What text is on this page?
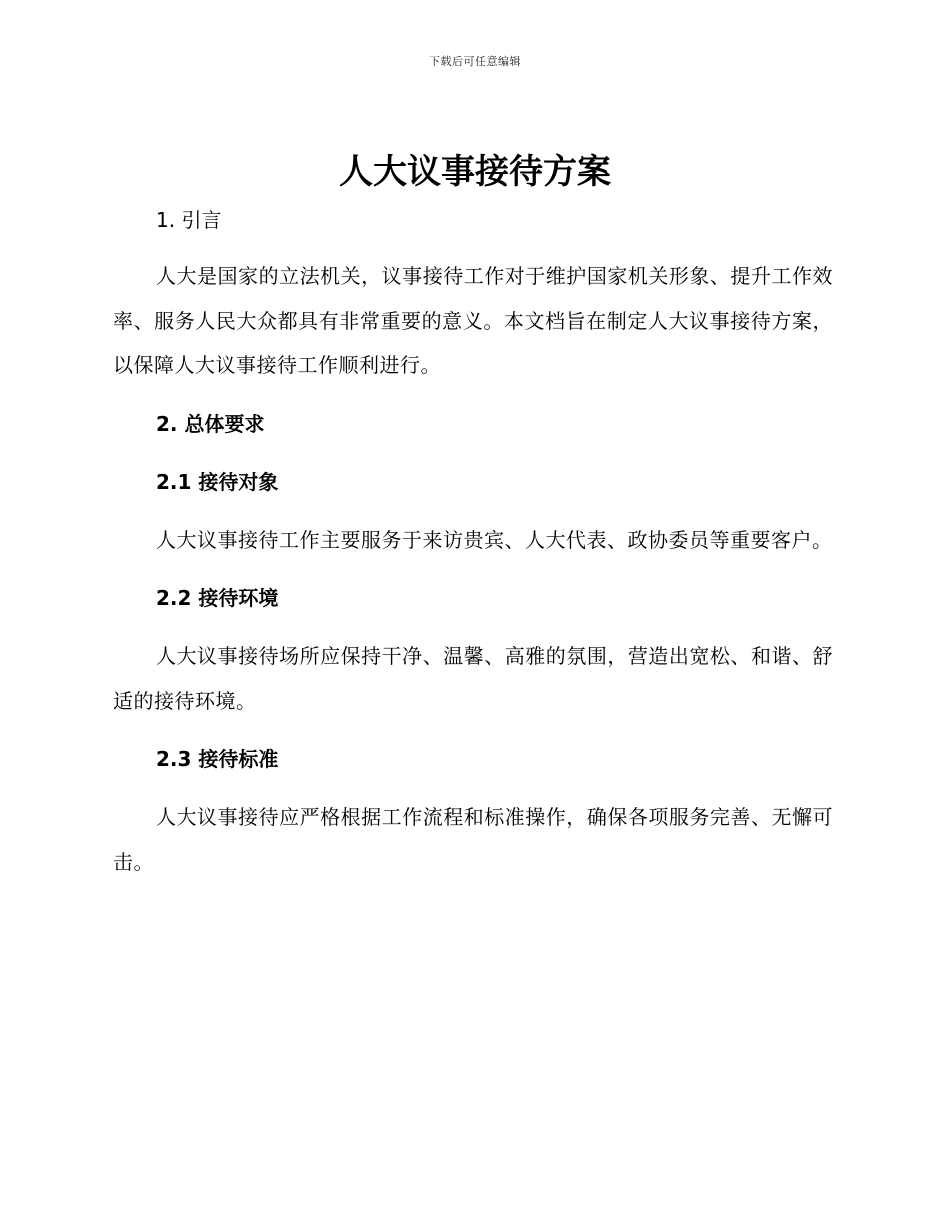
下载后可任意编辑
人大议事接待方案
1. 引言

人大是国家的立法机关，议事接待工作对于维护国家机关形象、提升工作效率、服务人民大众都具有非常重要的意义。本文档旨在制定人大议事接待方案，以保障人大议事接待工作顺利进行。

2. 总体要求
2.1 接待对象

人大议事接待工作主要服务于来访贵宾、人大代表、政协委员等重要客户。

2.2 接待环境

人大议事接待场所应保持干净、温馨、高雅的氛围，营造出宽松、和谐、舒适的接待环境。

2.3 接待标准

人大议事接待应严格根据工作流程和标准操作，确保各项服务完善、无懈可击。
